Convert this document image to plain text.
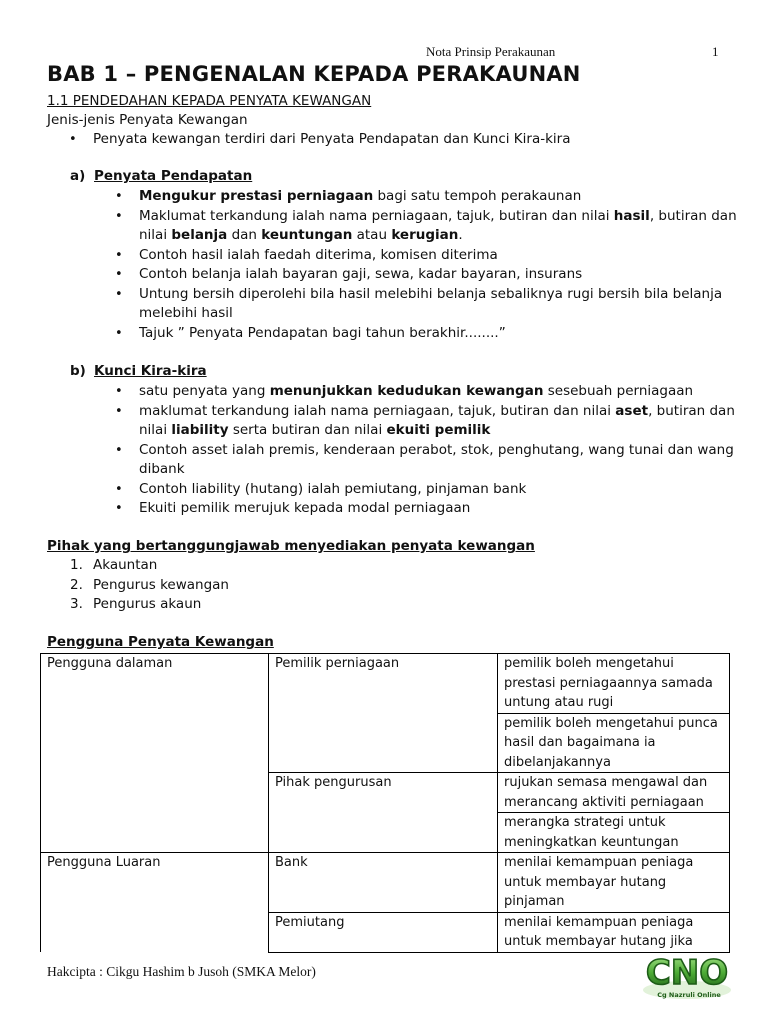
Nota Prinsip Perakaunan	1
BAB 1 – PENGENALAN KEPADA PERAKAUNAN
1.1 PENDEDAHAN KEPADA PENYATA KEWANGAN
Jenis-jenis Penyata Kewangan
• Penyata kewangan terdiri dari Penyata Pendapatan dan Kunci Kira-kira
a) Penyata Pendapatan
• Mengukur prestasi perniagaan bagi satu tempoh perakaunan
• Maklumat terkandung ialah nama perniagaan, tajuk, butiran dan nilai hasil, butiran dan nilai belanja dan keuntungan atau kerugian.
• Contoh hasil ialah faedah diterima, komisen diterima
• Contoh belanja ialah bayaran gaji, sewa, kadar bayaran, insurans
• Untung bersih diperolehi bila hasil melebihi belanja sebaliknya rugi bersih bila belanja melebihi hasil
• Tajuk ” Penyata Pendapatan bagi tahun berakhir........”
b) Kunci Kira-kira
• satu penyata yang menunjukkan kedudukan kewangan sesebuah perniagaan
• maklumat terkandung ialah nama perniagaan, tajuk, butiran dan nilai aset, butiran dan nilai liability serta butiran dan nilai ekuiti pemilik
• Contoh asset ialah premis, kenderaan perabot, stok, penghutang, wang tunai dan wang dibank
• Contoh liability (hutang) ialah pemiutang, pinjaman bank
• Ekuiti pemilik merujuk kepada modal perniagaan
Pihak yang bertanggungjawab menyediakan penyata kewangan
1. Akauntan
2. Pengurus kewangan
3. Pengurus akaun
Pengguna Penyata Kewangan
Pengguna dalaman	Pemilik perniagaan	pemilik boleh mengetahui prestasi perniagaannya samada untung atau rugi
		pemilik boleh mengetahui punca hasil dan bagaimana ia dibelanjakannya
	Pihak pengurusan	rujukan semasa mengawal dan merancang aktiviti perniagaan
		merangka strategi untuk meningkatkan keuntungan
Pengguna Luaran	Bank	menilai kemampuan peniaga untuk membayar hutang pinjaman
	Pemiutang	menilai kemampuan peniaga untuk membayar hutang jika
Hakcipta : Cikgu Hashim b Jusoh (SMKA Melor)	CNO
Cg Nazruli Online
